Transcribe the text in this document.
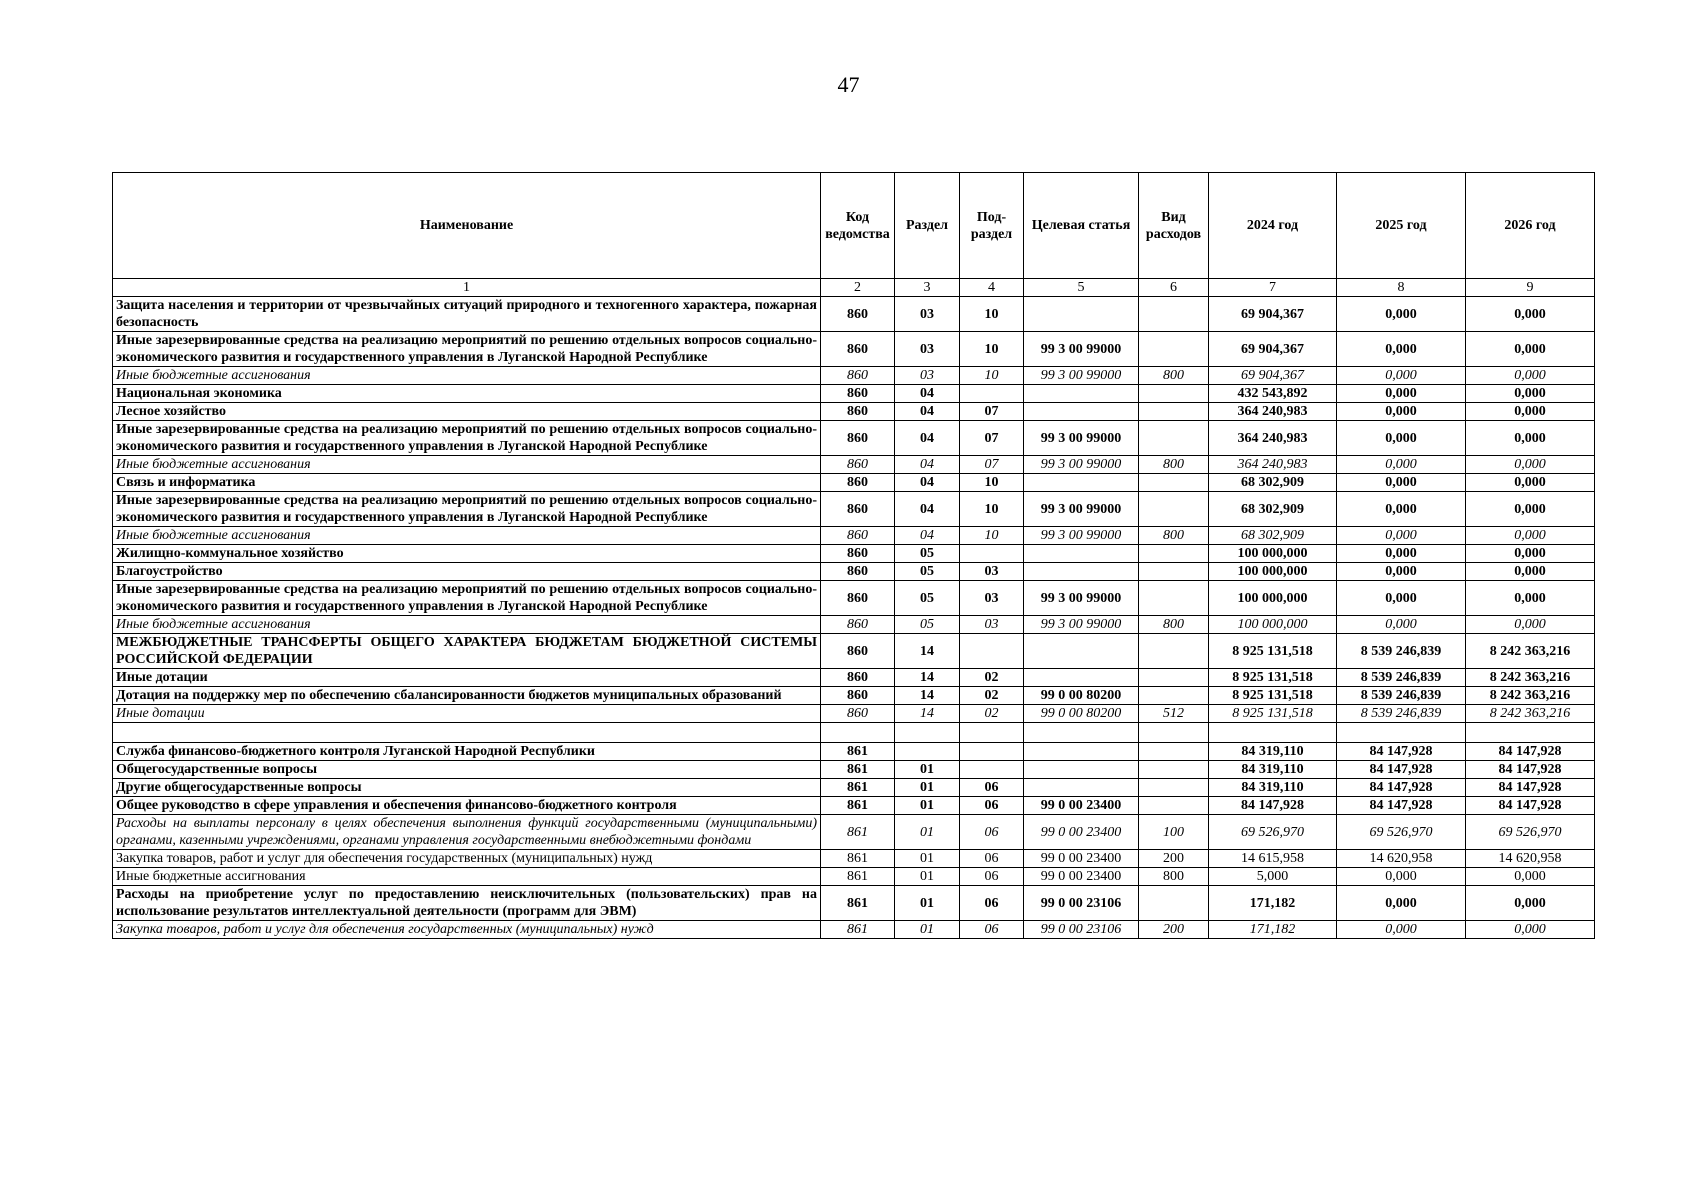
47
Наименование	Код ведомства	Раздел	Под-раздел	Целевая статья	Вид расходов	2024 год	2025 год	2026 год
1	2	3	4	5	6	7	8	9
Защита населения и территории от чрезвычайных ситуаций природного и техногенного характера, пожарная безопасность	860	03	10			69 904,367	0,000	0,000
Иные зарезервированные средства на реализацию мероприятий по решению отдельных вопросов социально-экономического развития и государственного управления в Луганской Народной Республике	860	03	10	99 3 00 99000		69 904,367	0,000	0,000
Иные бюджетные ассигнования	860	03	10	99 3 00 99000	800	69 904,367	0,000	0,000
Национальная экономика	860	04				432 543,892	0,000	0,000
Лесное хозяйство	860	04	07			364 240,983	0,000	0,000
Иные зарезервированные средства на реализацию мероприятий по решению отдельных вопросов социально-экономического развития и государственного управления в Луганской Народной Республике	860	04	07	99 3 00 99000		364 240,983	0,000	0,000
Иные бюджетные ассигнования	860	04	07	99 3 00 99000	800	364 240,983	0,000	0,000
Связь и информатика	860	04	10			68 302,909	0,000	0,000
Иные зарезервированные средства на реализацию мероприятий по решению отдельных вопросов социально-экономического развития и государственного управления в Луганской Народной Республике	860	04	10	99 3 00 99000		68 302,909	0,000	0,000
Иные бюджетные ассигнования	860	04	10	99 3 00 99000	800	68 302,909	0,000	0,000
Жилищно-коммунальное хозяйство	860	05				100 000,000	0,000	0,000
Благоустройство	860	05	03			100 000,000	0,000	0,000
Иные зарезервированные средства на реализацию мероприятий по решению отдельных вопросов социально-экономического развития и государственного управления в Луганской Народной Республике	860	05	03	99 3 00 99000		100 000,000	0,000	0,000
Иные бюджетные ассигнования	860	05	03	99 3 00 99000	800	100 000,000	0,000	0,000
МЕЖБЮДЖЕТНЫЕ ТРАНСФЕРТЫ ОБЩЕГО ХАРАКТЕРА БЮДЖЕТАМ БЮДЖЕТНОЙ СИСТЕМЫ РОССИЙСКОЙ ФЕДЕРАЦИИ	860	14				8 925 131,518	8 539 246,839	8 242 363,216
Иные дотации	860	14	02			8 925 131,518	8 539 246,839	8 242 363,216
Дотация на поддержку мер по обеспечению сбалансированности бюджетов муниципальных образований	860	14	02	99 0 00 80200		8 925 131,518	8 539 246,839	8 242 363,216
Иные дотации	860	14	02	99 0 00 80200	512	8 925 131,518	8 539 246,839	8 242 363,216

Служба финансово-бюджетного контроля Луганской Народной Республики	861					84 319,110	84 147,928	84 147,928
Общегосударственные вопросы	861	01				84 319,110	84 147,928	84 147,928
Другие общегосударственные вопросы	861	01	06			84 319,110	84 147,928	84 147,928
Общее руководство в сфере управления и обеспечения финансово-бюджетного контроля	861	01	06	99 0 00 23400		84 147,928	84 147,928	84 147,928
Расходы на выплаты персоналу в целях обеспечения выполнения функций государственными (муниципальными) органами, казенными учреждениями, органами управления государственными внебюджетными фондами	861	01	06	99 0 00 23400	100	69 526,970	69 526,970	69 526,970
Закупка товаров, работ и услуг для обеспечения государственных (муниципальных) нужд	861	01	06	99 0 00 23400	200	14 615,958	14 620,958	14 620,958
Иные бюджетные ассигнования	861	01	06	99 0 00 23400	800	5,000	0,000	0,000
Расходы на приобретение услуг по предоставлению неисключительных (пользовательских) прав на использование результатов интеллектуальной деятельности (программ для ЭВМ)	861	01	06	99 0 00 23106		171,182	0,000	0,000
Закупка товаров, работ и услуг для обеспечения государственных (муниципальных) нужд	861	01	06	99 0 00 23106	200	171,182	0,000	0,000
